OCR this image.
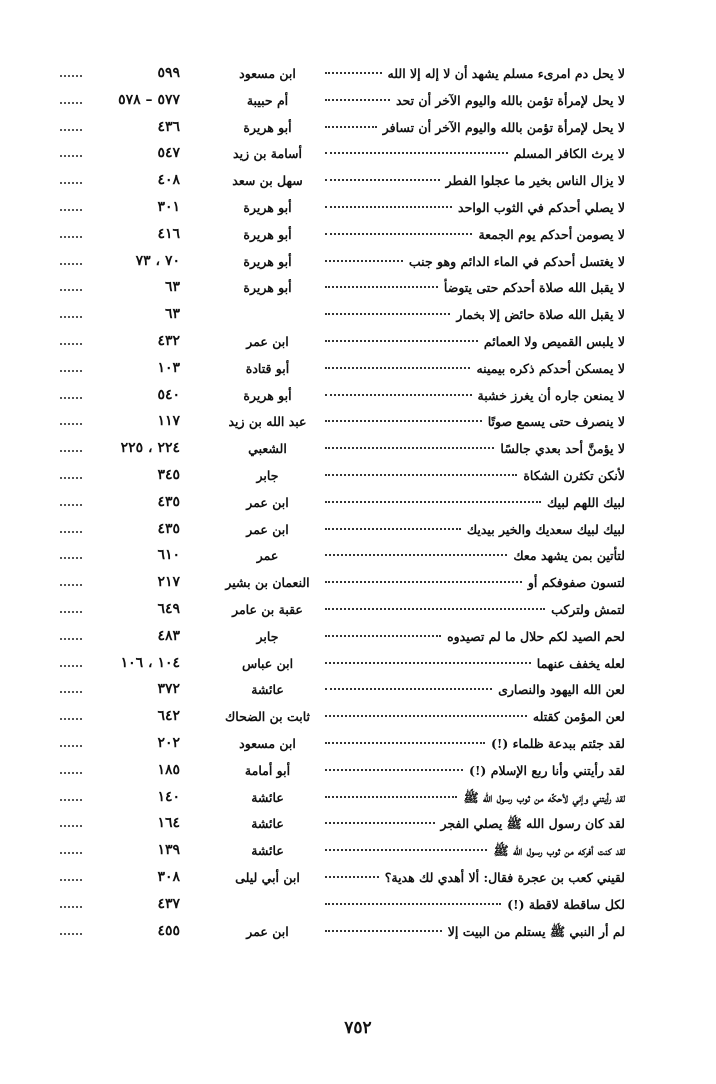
لا يحل دم امرىء مسلم يشهد أن لا إله إلا الله
ابن مسعود
٥٩٩
لا يحل لإمرأة تؤمن بالله واليوم الآخر أن تحد
أم حبيبة
٥٧٧ – ٥٧٨
لا يحل لإمرأة تؤمن بالله واليوم الآخر أن تسافر
أبو هريرة
٤٣٦
لا يرث الكافر المسلم
أسامة بن زيد
٥٤٧
لا يزال الناس بخير ما عجلوا الفطر
سهل بن سعد
٤٠٨
لا يصلي أحدكم في الثوب الواحد
أبو هريرة
٣٠١
لا يصومن أحدكم يوم الجمعة
أبو هريرة
٤١٦
لا يغتسل أحدكم في الماء الدائم وهو جنب
أبو هريرة
٧٠ ، ٧٣
لا يقبل الله صلاة أحدكم حتى يتوضأ
أبو هريرة
٦٣
لا يقبل الله صلاة حائض إلا بخمار
٦٣
لا يلبس القميص ولا العمائم
ابن عمر
٤٣٢
لا يمسكن أحدكم ذكره بيمينه
أبو قتادة
١٠٣
لا يمنعن جاره أن يغرز خشبة
أبو هريرة
٥٤٠
لا ينصرف حتى يسمع صوتًا
عبد الله بن زيد
١١٧
لا يؤمنَّ أحد بعدي جالسًا
الشعبي
٢٢٤ ، ٢٢٥
لأنكن تكثرن الشكاة
جابر
٣٤٥
لبيك اللهم لبيك
ابن عمر
٤٣٥
لبيك لبيك سعديك والخير بيديك
ابن عمر
٤٣٥
لتأتين بمن يشهد معك
عمر
٦١٠
لتسون صفوفكم أو
النعمان بن بشير
٢١٧
لتمش ولتركب
عقبة بن عامر
٦٤٩
لحم الصيد لكم حلال ما لم تصيدوه
جابر
٤٨٣
لعله يخفف عنهما
ابن عباس
١٠٤ ، ١٠٦
لعن الله اليهود والنصارى
عائشة
٣٧٢
لعن المؤمن كقتله
ثابت بن الضحاك
٦٤٢
لقد جئتم ببدعة ظلماء (!)
ابن مسعود
٢٠٢
لقد رأيتني وأنا ربع الإسلام (!)
أبو أمامة
١٨٥
لقد رأيتني وإني لأحكّه من ثوب رسول الله ﷺ
عائشة
١٤٠
لقد كان رسول الله ﷺ يصلي الفجر
عائشة
١٦٤
لقد كنت أفركه من ثوب رسول الله ﷺ
عائشة
١٣٩
لقيني كعب بن عجرة فقال: ألا أهدي لك هدية؟
ابن أبي ليلى
٣٠٨
لكل ساقطة لاقطة (!)
٤٣٧
لم أر النبي ﷺ يستلم من البيت إلا
ابن عمر
٤٥٥
٧٥٢
